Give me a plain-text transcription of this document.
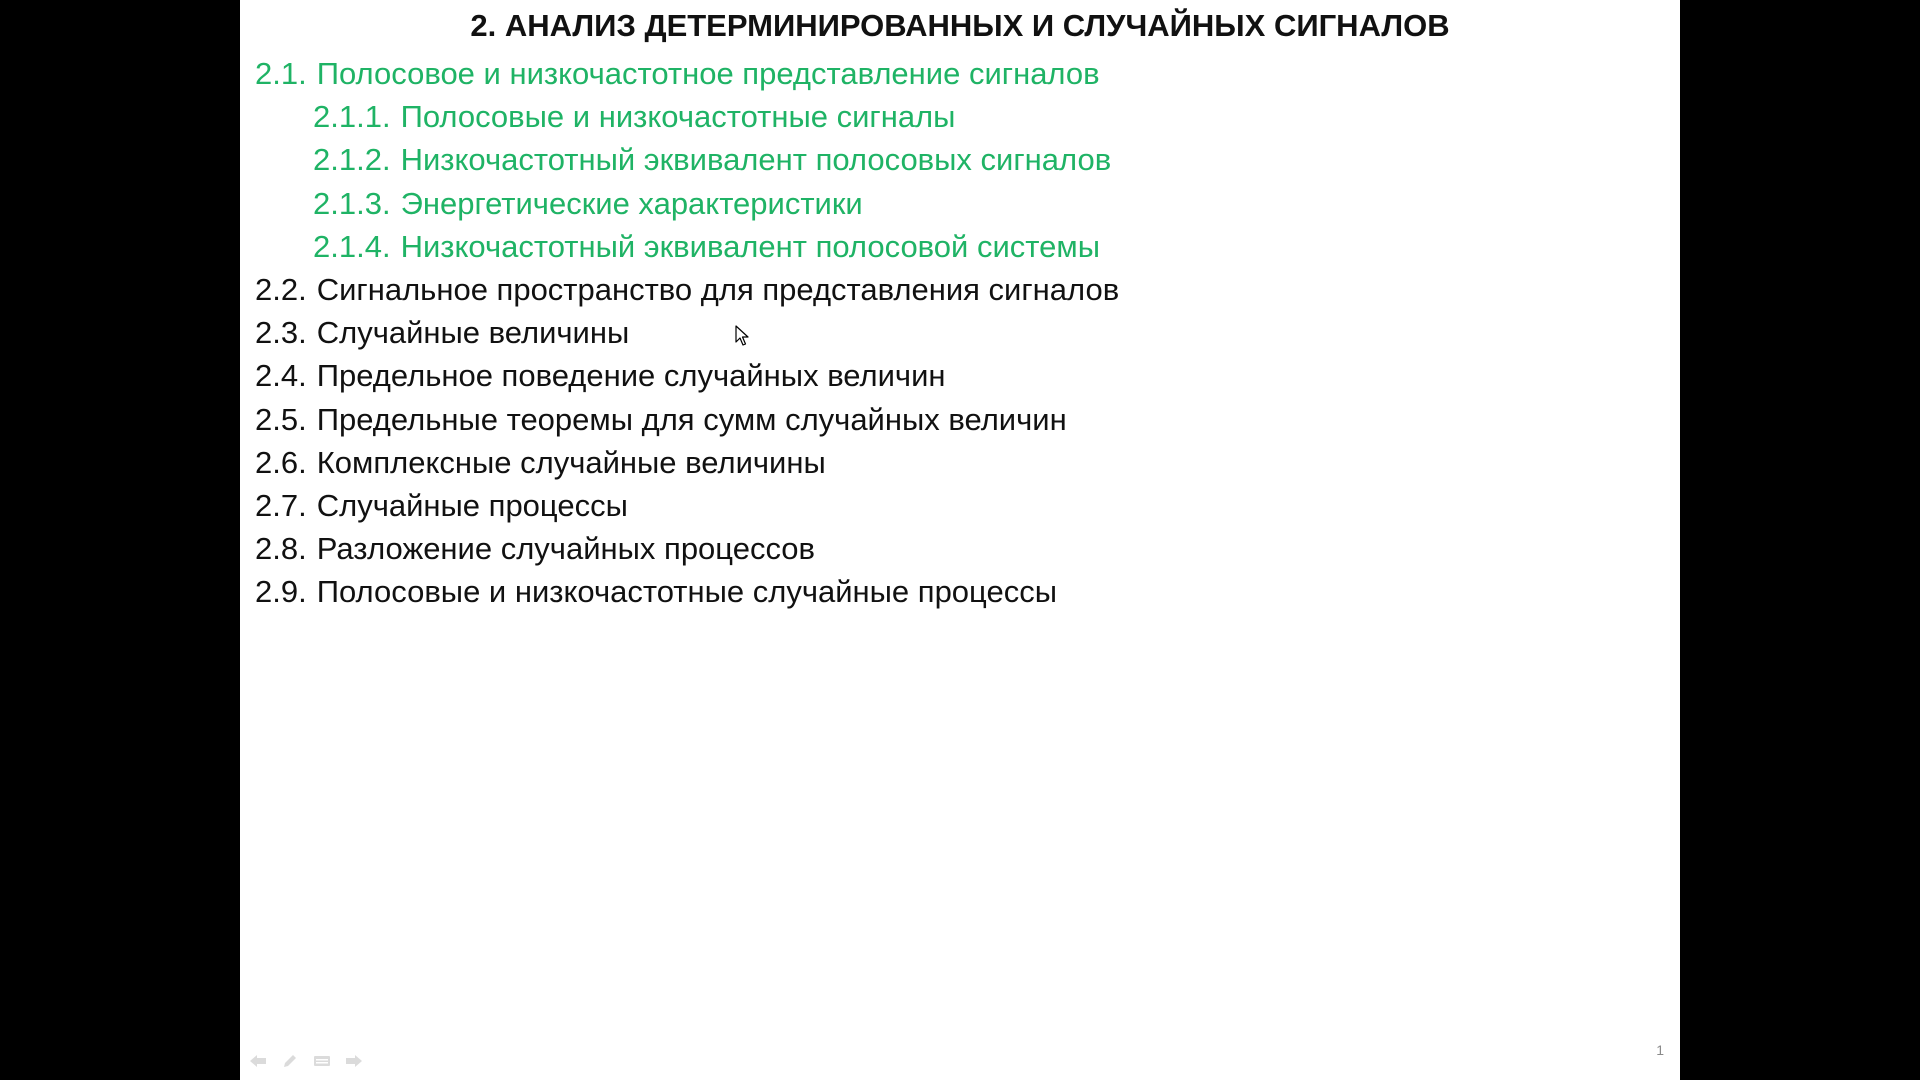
2. АНАЛИЗ ДЕТЕРМИНИРОВАННЫХ И СЛУЧАЙНЫХ СИГНАЛОВ
2.1. Полосовое и низкочастотное представление сигналов
2.1.1. Полосовые и низкочастотные сигналы
2.1.2. Низкочастотный эквивалент полосовых сигналов
2.1.3. Энергетические характеристики
2.1.4. Низкочастотный эквивалент полосовой системы
2.2. Сигнальное пространство для представления сигналов
2.3. Случайные величины
2.4. Предельное поведение случайных величин
2.5. Предельные теоремы для сумм случайных величин
2.6. Комплексные случайные величины
2.7. Случайные процессы
2.8. Разложение случайных процессов
2.9. Полосовые и низкочастотные случайные процессы
1
